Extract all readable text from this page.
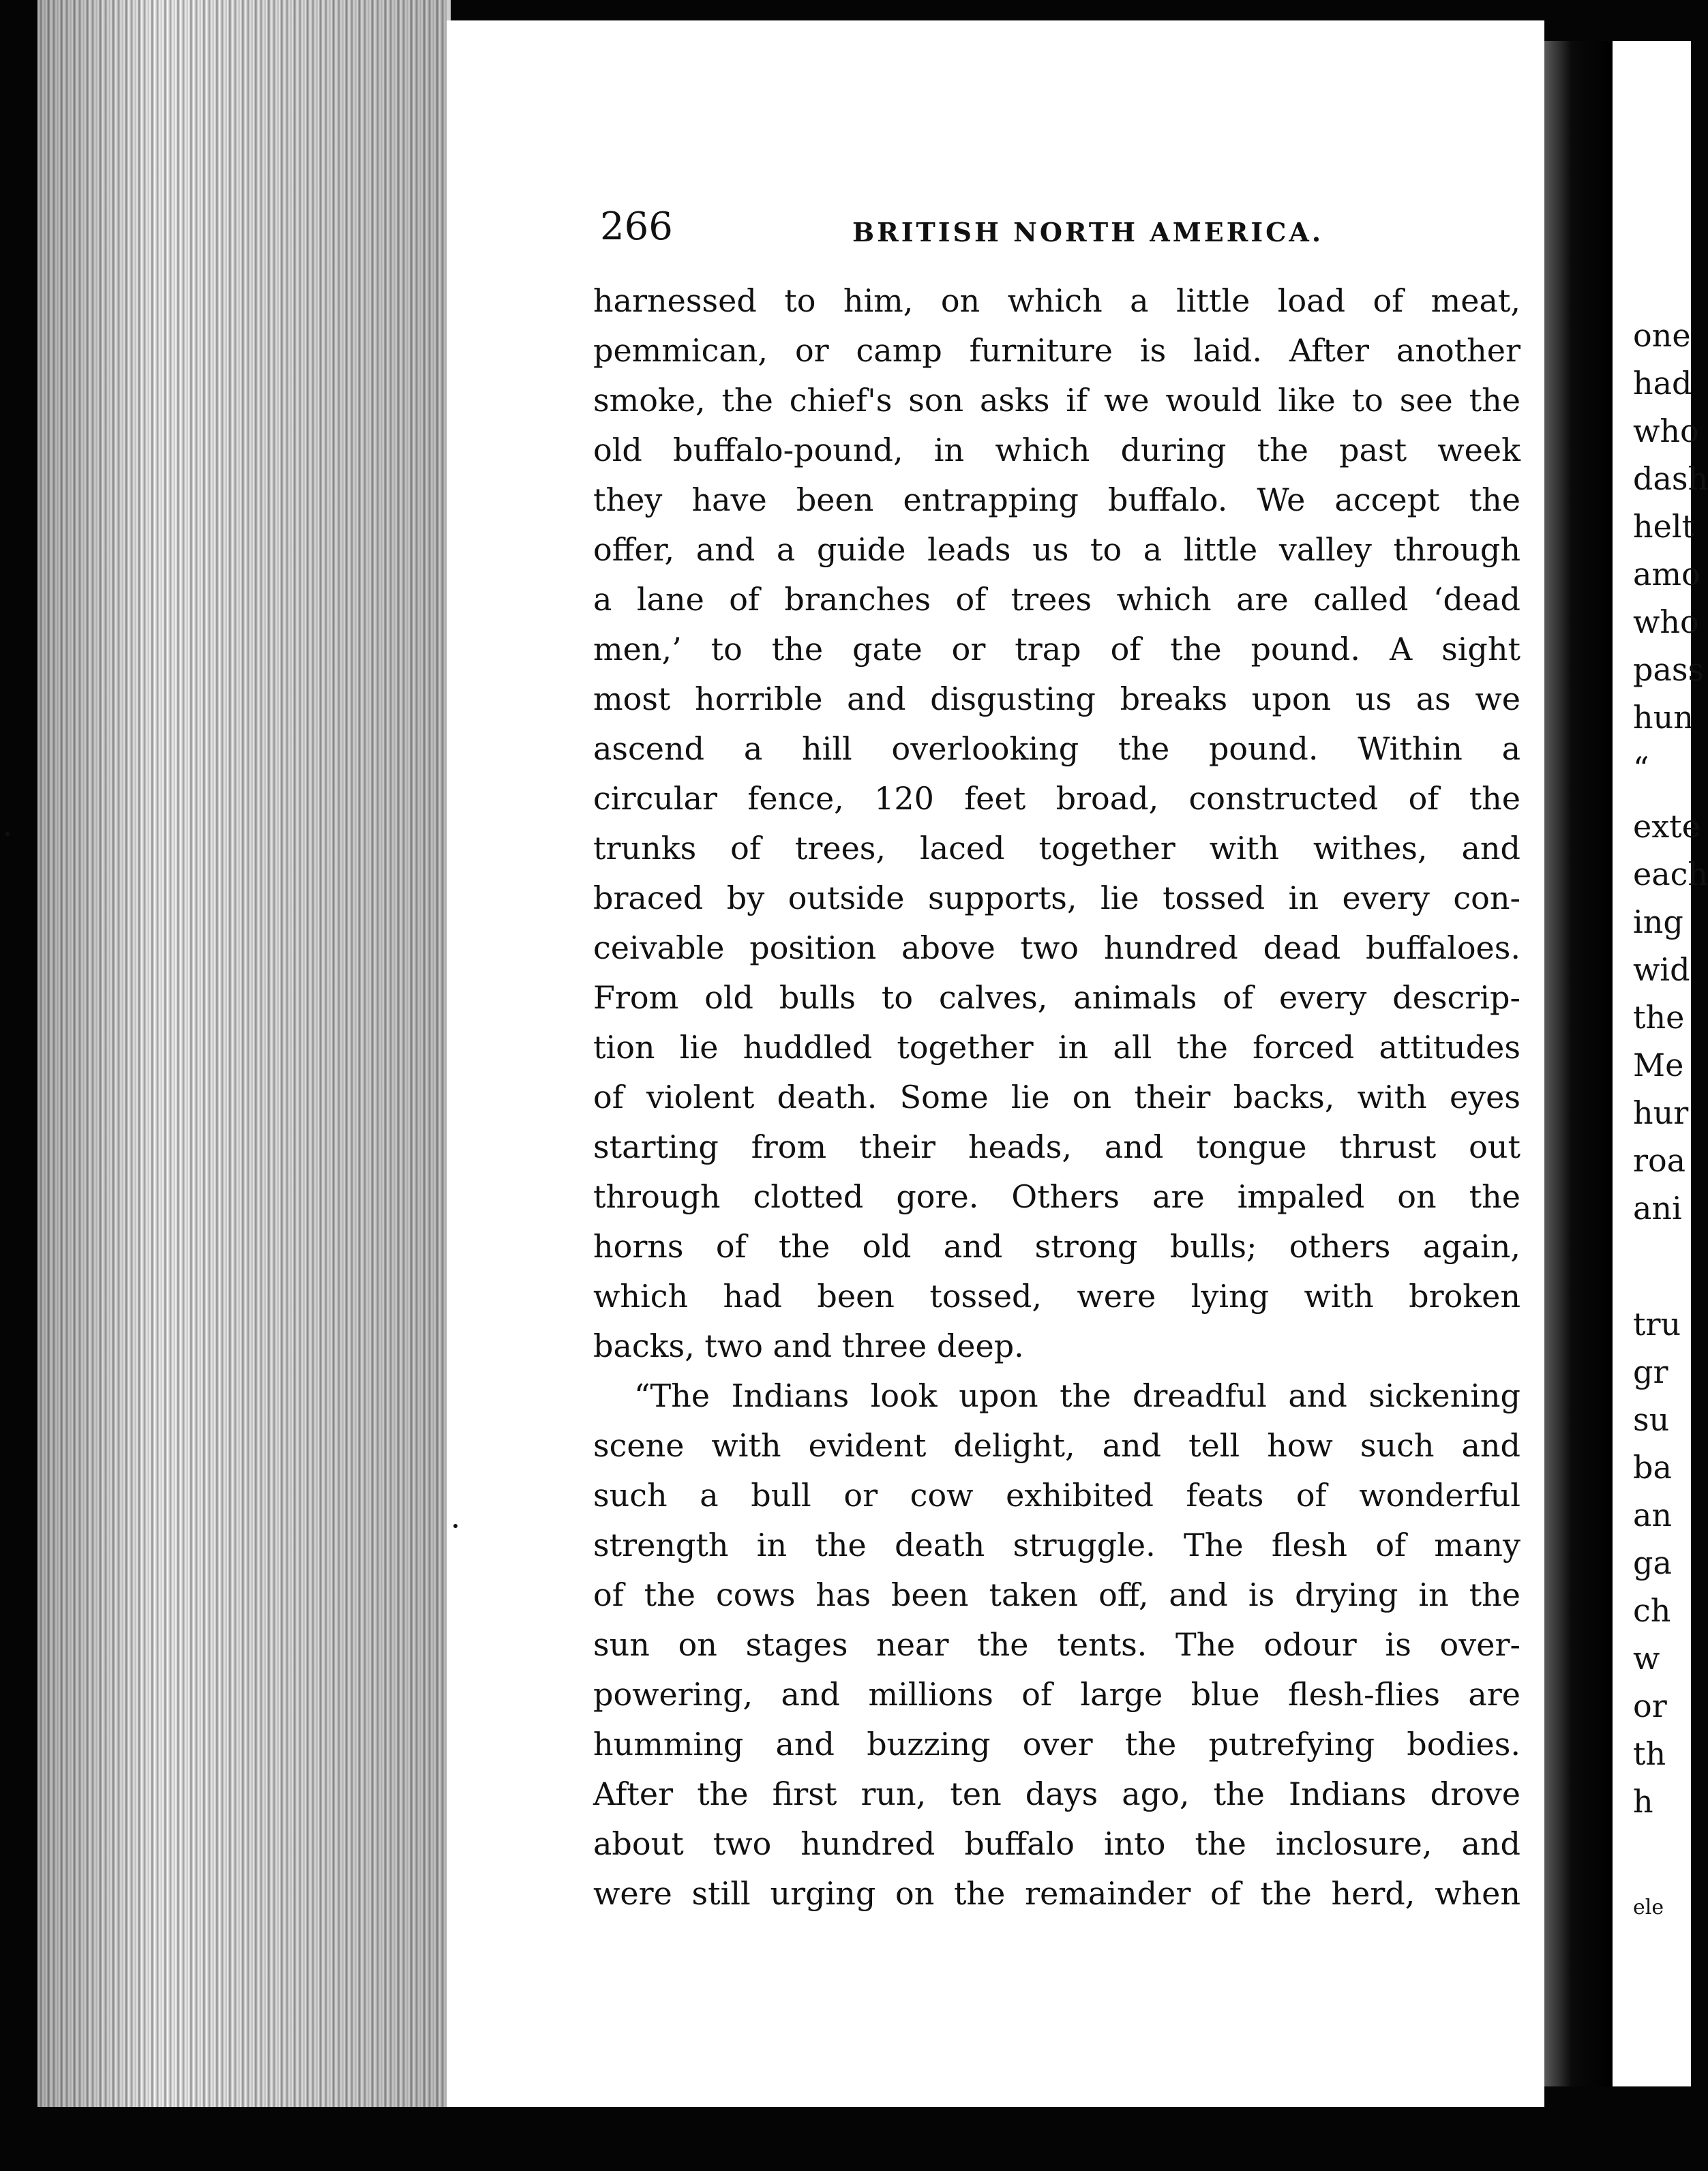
266	BRITISH NORTH AMERICA.
harnessed to him, on which a little load of meat,
pemmican, or camp furniture is laid. After another
smoke, the chief's son asks if we would like to see the
old buffalo-pound, in which during the past week
they have been entrapping buffalo. We accept the
offer, and a guide leads us to a little valley through
a lane of branches of trees which are called ‘dead
men,’ to the gate or trap of the pound. A sight
most horrible and disgusting breaks upon us as we
ascend a hill overlooking the pound. Within a
circular fence, 120 feet broad, constructed of the
trunks of trees, laced together with withes, and
braced by outside supports, lie tossed in every con-
ceivable position above two hundred dead buffaloes.
From old bulls to calves, animals of every descrip-
tion lie huddled together in all the forced attitudes
of violent death. Some lie on their backs, with eyes
starting from their heads, and tongue thrust out
through clotted gore. Others are impaled on the
horns of the old and strong bulls; others again,
which had been tossed, were lying with broken
backs, two and three deep.
“The Indians look upon the dreadful and sickening
scene with evident delight, and tell how such and
such a bull or cow exhibited feats of wonderful
strength in the death struggle. The flesh of many
of the cows has been taken off, and is drying in the
sun on stages near the tents. The odour is over-
powering, and millions of large blue flesh-flies are
humming and buzzing over the putrefying bodies.
After the first run, ten days ago, the Indians drove
about two hundred buffalo into the inclosure, and
were still urging on the remainder of the herd, when
one
had
who
dash
helt
amo
who
pass
hun
“
exte
each
ing
wid
the
Me
hur
roa
ani
tru
gr
su
ba
an
ga
ch
w
or
th
h
ele
